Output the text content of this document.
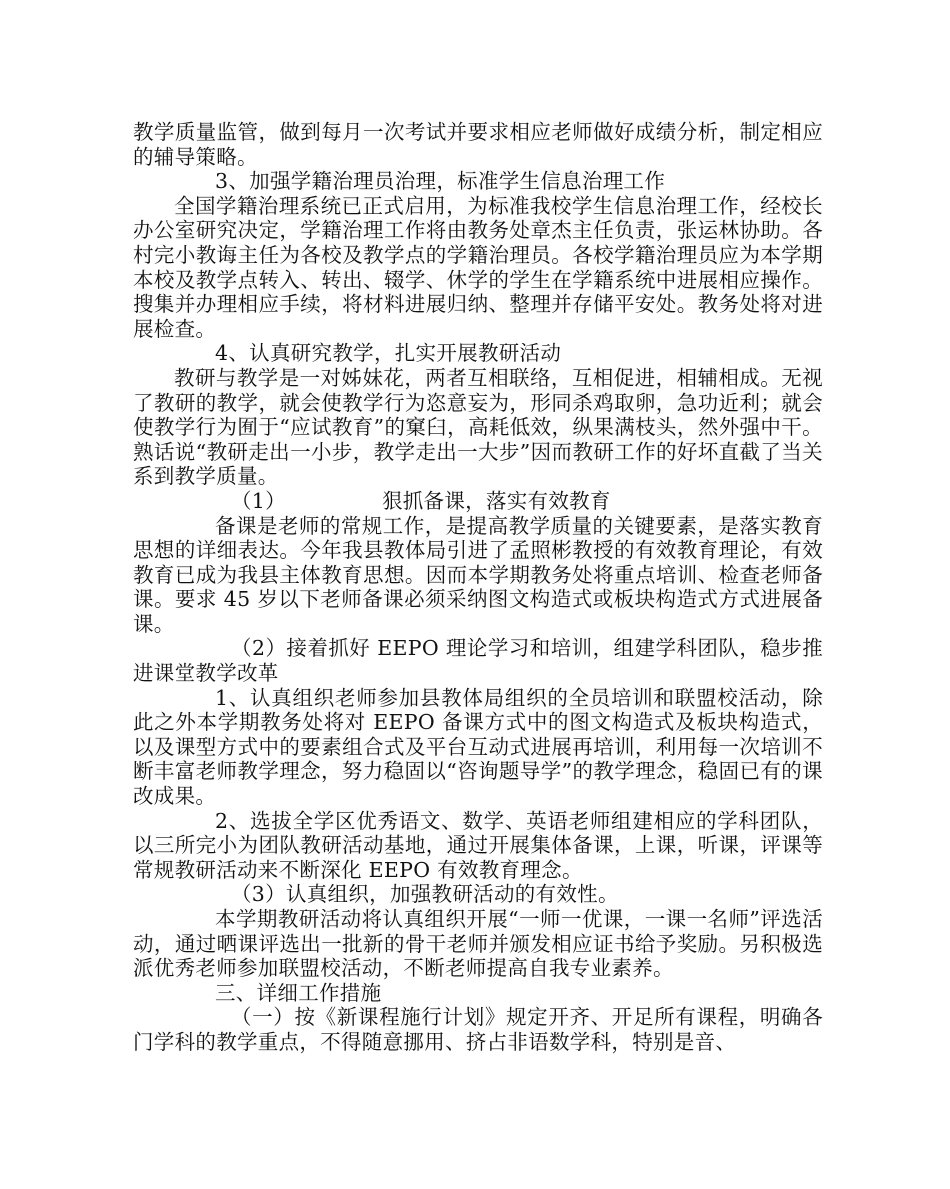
教学质量监管，做到每月一次考试并要求相应老师做好成绩分析，制定相应的辅导策略。

3、加强学籍治理员治理，标准学生信息治理工作

全国学籍治理系统已正式启用，为标准我校学生信息治理工作，经校长办公室研究决定，学籍治理工作将由教务处章杰主任负责，张运林协助。各村完小教诲主任为各校及教学点的学籍治理员。各校学籍治理员应为本学期本校及教学点转入、转出、辍学、休学的学生在学籍系统中进展相应操作。搜集并办理相应手续，将材料进展归纳、整理并存储平安处。教务处将对进展检查。

4、认真研究教学，扎实开展教研活动

教研与教学是一对姊妹花，两者互相联络，互相促进，相辅相成。无视了教研的教学，就会使教学行为恣意妄为，形同杀鸡取卵，急功近利；就会使教学行为囿于“应试教育”的窠臼，高耗低效，纵果满枝头，然外强中干。熟话说“教研走出一小步，教学走出一大步”因而教研工作的好坏直截了当关系到教学质量。

（1）	狠抓备课，落实有效教育

备课是老师的常规工作，是提高教学质量的关键要素，是落实教育思想的详细表达。今年我县教体局引进了孟照彬教授的有效教育理论，有效教育已成为我县主体教育思想。因而本学期教务处将重点培训、检查老师备课。要求 45 岁以下老师备课必须采纳图文构造式或板块构造式方式进展备课。

（2）接着抓好 EEPO 理论学习和培训，组建学科团队，稳步推进课堂教学改革

1、认真组织老师参加县教体局组织的全员培训和联盟校活动，除此之外本学期教务处将对 EEPO 备课方式中的图文构造式及板块构造式，以及课型方式中的要素组合式及平台互动式进展再培训，利用每一次培训不断丰富老师教学理念，努力稳固以“咨询题导学”的教学理念，稳固已有的课改成果。

2、选拔全学区优秀语文、数学、英语老师组建相应的学科团队，以三所完小为团队教研活动基地，通过开展集体备课，上课，听课，评课等常规教研活动来不断深化 EEPO 有效教育理念。

（3）认真组织，加强教研活动的有效性。

本学期教研活动将认真组织开展“一师一优课，一课一名师”评选活动，通过晒课评选出一批新的骨干老师并颁发相应证书给予奖励。另积极选派优秀老师参加联盟校活动，不断老师提高自我专业素养。

三、详细工作措施

（一）按《新课程施行计划》规定开齐、开足所有课程，明确各门学科的教学重点，不得随意挪用、挤占非语数学科，特别是音、
